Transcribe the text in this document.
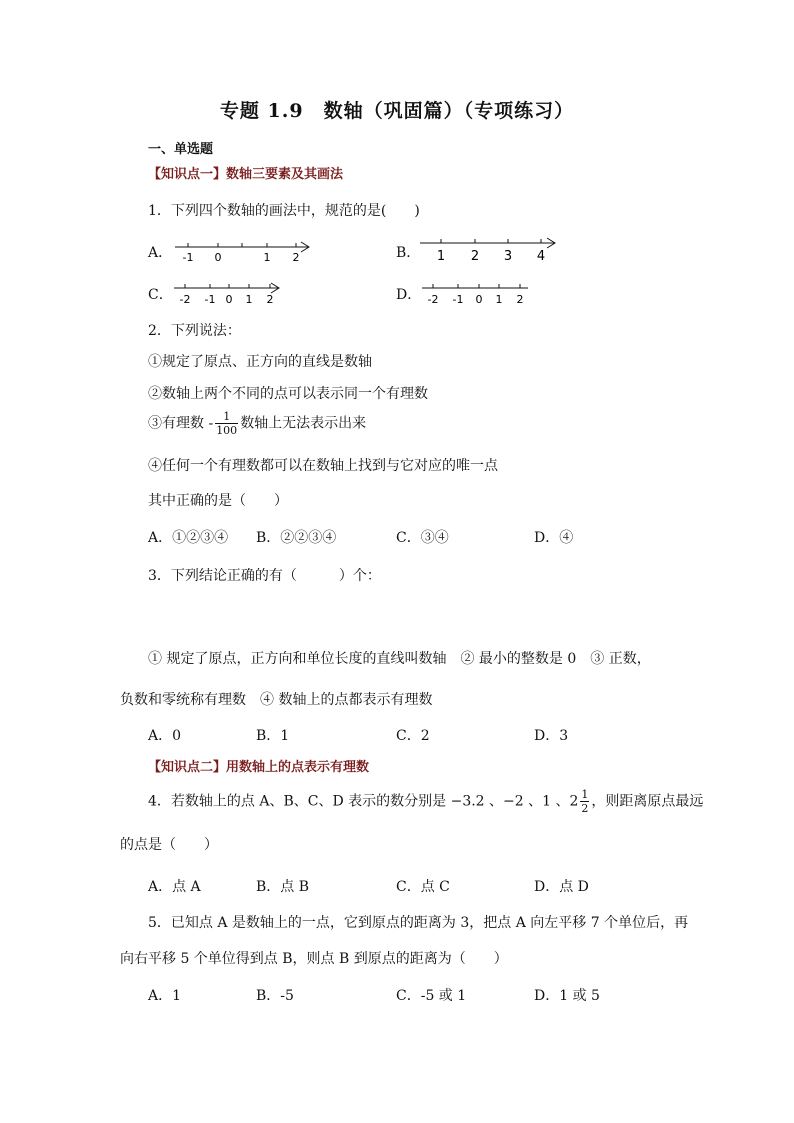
专题 1.9　数轴（巩固篇）（专项练习）
一、单选题
【知识点一】数轴三要素及其画法
1．下列四个数轴的画法中，规范的是(　　)
A． -1 0	1 2	B． 1 2 3 4
C． -2 -1 0 1 2	D． -2 -1 0 1 2
2．下列说法：
①规定了原点、正方向的直线是数轴
②数轴上两个不同的点可以表示同一个有理数
③有理数 - $\frac{1}{100}$ 数轴上无法表示出来
④任何一个有理数都可以在数轴上找到与它对应的唯一点
其中正确的是（　　）
A．①②③④ B．②②③④	C．③④	D．④
3．下列结论正确的有（　　　）个：
① 规定了原点，正方向和单位长度的直线叫数轴　② 最小的整数是 0　③ 正数，
负数和零统称有理数　④ 数轴上的点都表示有理数
A．0	B．1	C．2	D．3
【知识点二】用数轴上的点表示有理数
4．若数轴上的点 A、B、C、D 表示的数分别是 −3.2 、−2 、1 、$2 \frac{1}{2}$ ，则距离原点最远
的点是（　　）
A．点 A	B．点 B	C．点 C	D．点 D
5．已知点 A 是数轴上的一点，它到原点的距离为 3，把点 A 向左平移 7 个单位后，再
向右平移 5 个单位得到点 B，则点 B 到原点的距离为（　　）
A．1	B．-5	C．-5 或 1	D．1 或 5
